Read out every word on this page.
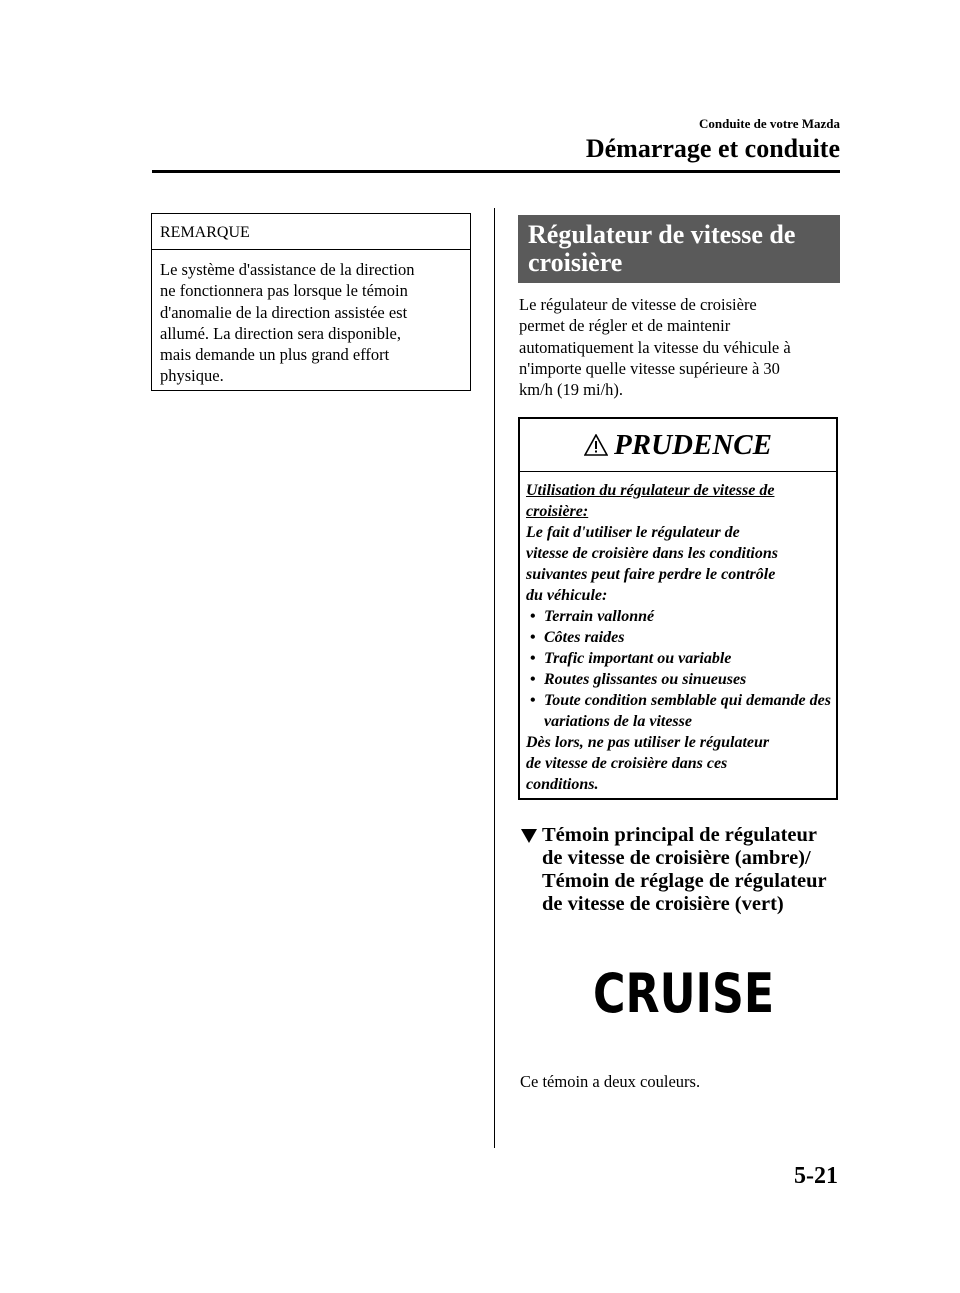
Conduite de votre Mazda
Démarrage et conduite
REMARQUE
Le système d'assistance de la direction
ne fonctionnera pas lorsque le témoin
d'anomalie de la direction assistée est
allumé. La direction sera disponible,
mais demande un plus grand effort
physique.
Régulateur de vitesse de
croisière
Le régulateur de vitesse de croisière
permet de régler et de maintenir
automatiquement la vitesse du véhicule à
n'importe quelle vitesse supérieure à 30
km/h (19 mi/h).
PRUDENCE
Utilisation du régulateur de vitesse de
croisière:
Le fait d'utiliser le régulateur de
vitesse de croisière dans les conditions
suivantes peut faire perdre le contrôle
du véhicule:
• Terrain vallonné
• Côtes raides
• Trafic important ou variable
• Routes glissantes ou sinueuses
• Toute condition semblable qui demande des variations de la vitesse
Dès lors, ne pas utiliser le régulateur
de vitesse de croisière dans ces
conditions.
Témoin principal de régulateur
de vitesse de croisière (ambre)/
Témoin de réglage de régulateur
de vitesse de croisière (vert)
CRUISE
Ce témoin a deux couleurs.
5-21
